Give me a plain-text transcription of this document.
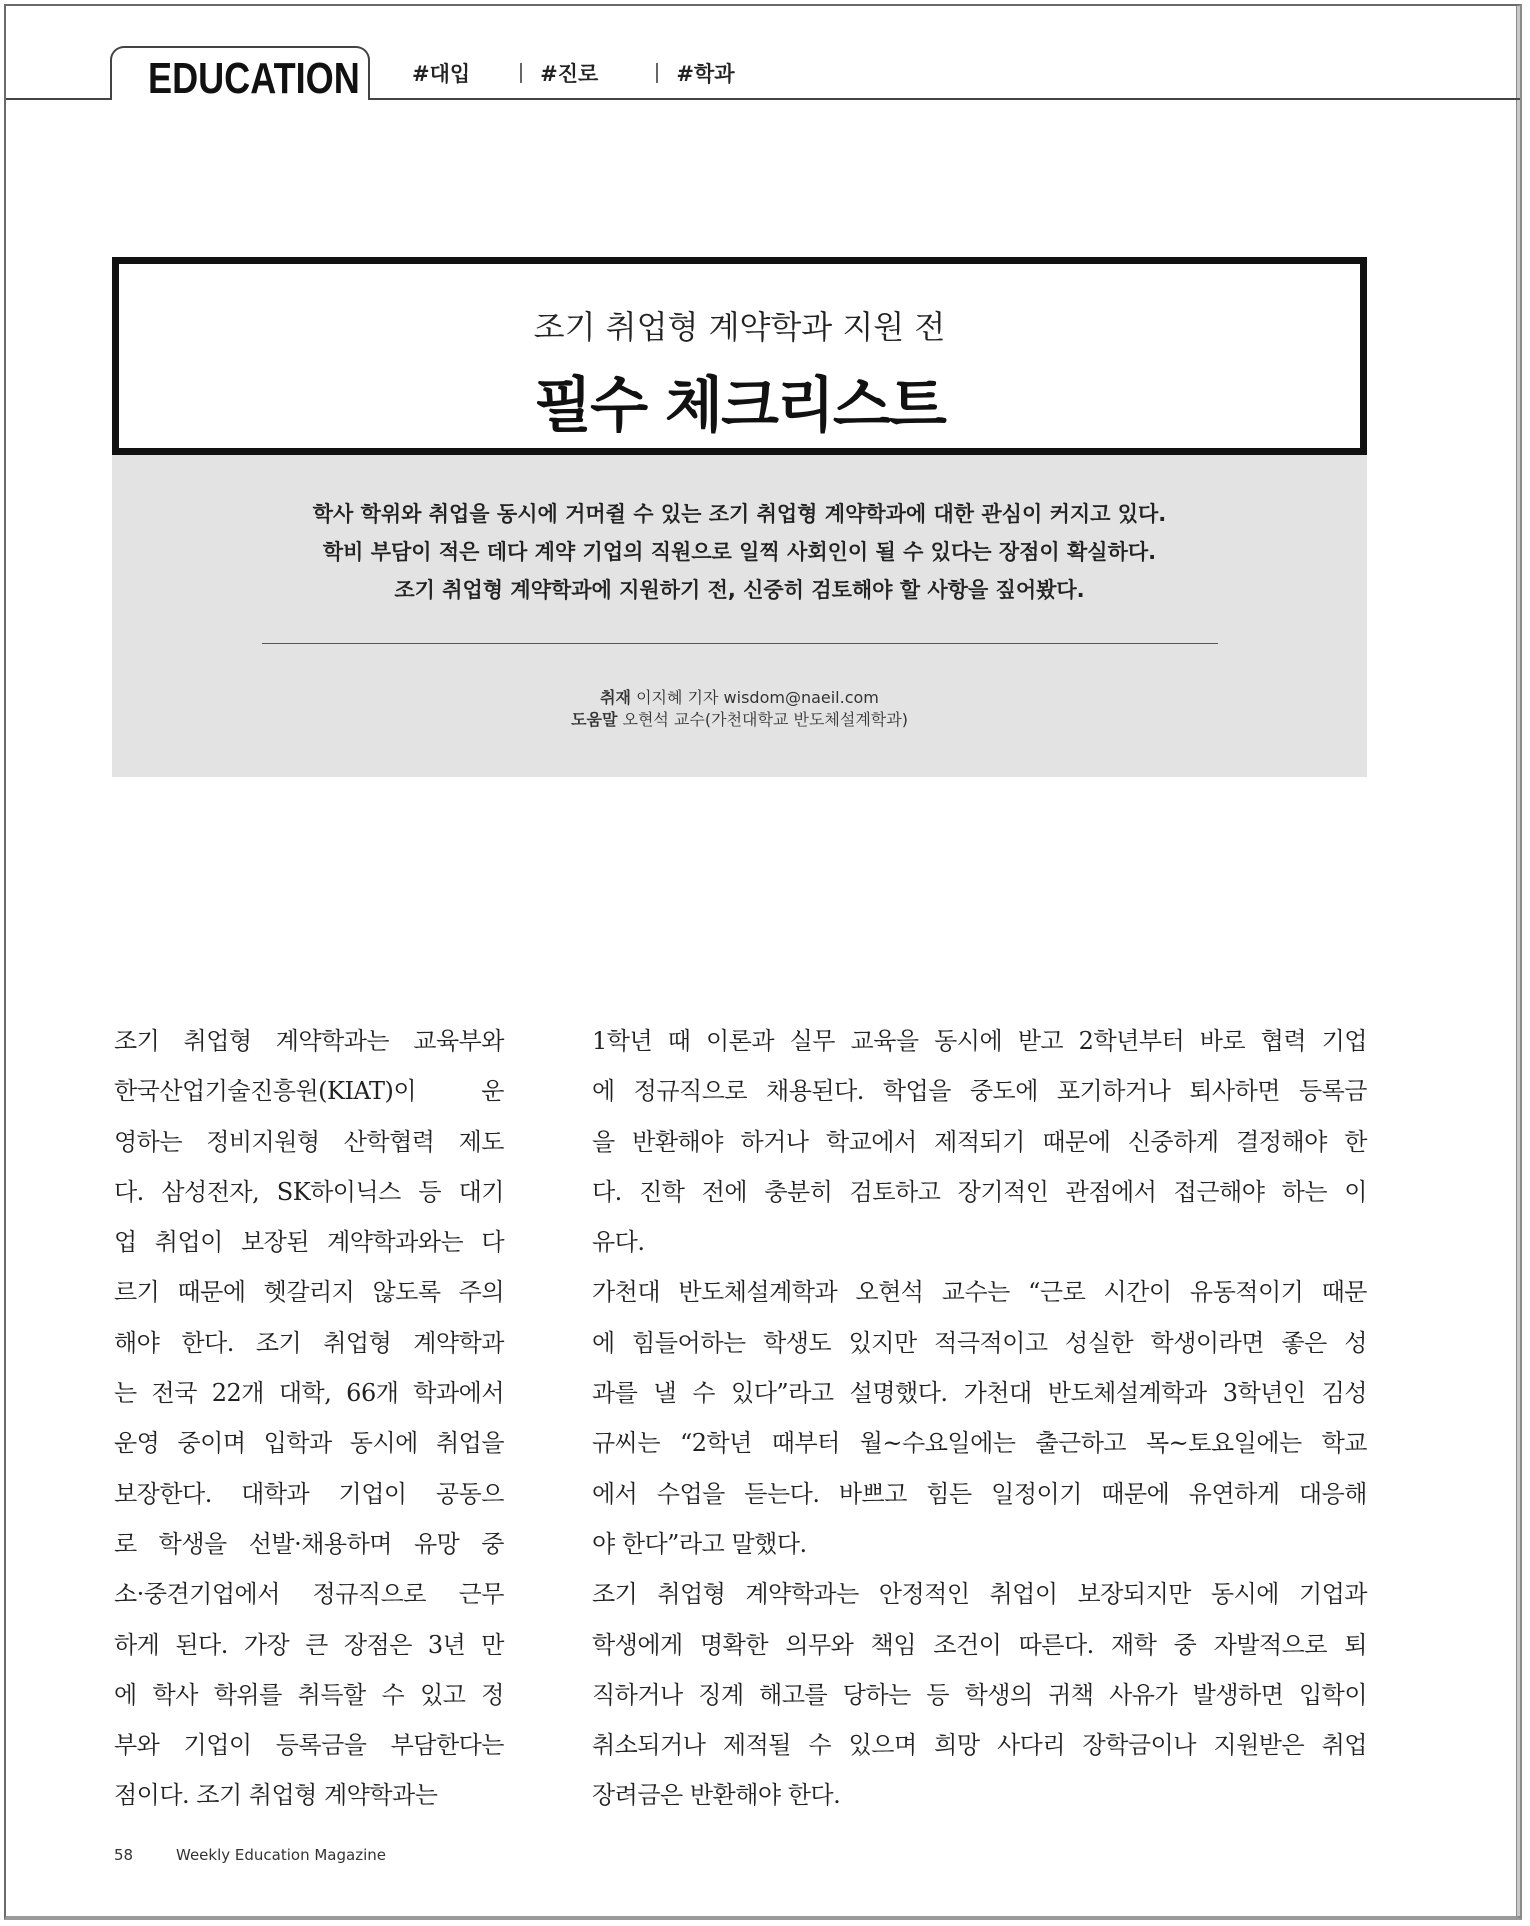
EDUCATION #대입	#진로	#학과
조기 취업형 계약학과 지원 전
필수 체크리스트
학사 학위와 취업을 동시에 거머쥘 수 있는 조기 취업형 계약학과에 대한 관심이 커지고 있다.
학비 부담이 적은 데다 계약 기업의 직원으로 일찍 사회인이 될 수 있다는 장점이 확실하다.
조기 취업형 계약학과에 지원하기 전, 신중히 검토해야 할 사항을 짚어봤다.
취재 이지혜 기자 wisdom@naeil.com
도움말 오현석 교수(가천대학교 반도체설계학과)
조기 취업형 계약학과는 교육부와
한국산업기술진흥원(KIAT)이 운
영하는 정비지원형 산학협력 제도
다. 삼성전자, SK하이닉스 등 대기
업 취업이 보장된 계약학과와는 다
르기 때문에 헷갈리지 않도록 주의
해야 한다. 조기 취업형 계약학과
는 전국 22개 대학, 66개 학과에서
운영 중이며 입학과 동시에 취업을
보장한다. 대학과 기업이 공동으
로 학생을 선발·채용하며 유망 중
소·중견기업에서 정규직으로 근무
하게 된다. 가장 큰 장점은 3년 만
에 학사 학위를 취득할 수 있고 정
부와 기업이 등록금을 부담한다는
점이다. 조기 취업형 계약학과는

1학년 때 이론과 실무 교육을 동시에 받고 2학년부터 바로 협력 기업
에 정규직으로 채용된다. 학업을 중도에 포기하거나 퇴사하면 등록금
을 반환해야 하거나 학교에서 제적되기 때문에 신중하게 결정해야 한
다. 진학 전에 충분히 검토하고 장기적인 관점에서 접근해야 하는 이
유다.

가천대 반도체설계학과 오현석 교수는 “근로 시간이 유동적이기 때문
에 힘들어하는 학생도 있지만 적극적이고 성실한 학생이라면 좋은 성
과를 낼 수 있다”라고 설명했다. 가천대 반도체설계학과 3학년인 김성
규씨는 “2학년 때부터 월~수요일에는 출근하고 목~토요일에는 학교
에서 수업을 듣는다. 바쁘고 힘든 일정이기 때문에 유연하게 대응해
야 한다”라고 말했다.

조기 취업형 계약학과는 안정적인 취업이 보장되지만 동시에 기업과
학생에게 명확한 의무와 책임 조건이 따른다. 재학 중 자발적으로 퇴
직하거나 징계 해고를 당하는 등 학생의 귀책 사유가 발생하면 입학이
취소되거나 제적될 수 있으며 희망 사다리 장학금이나 지원받은 취업
장려금은 반환해야 한다.

58	Weekly Education Magazine
